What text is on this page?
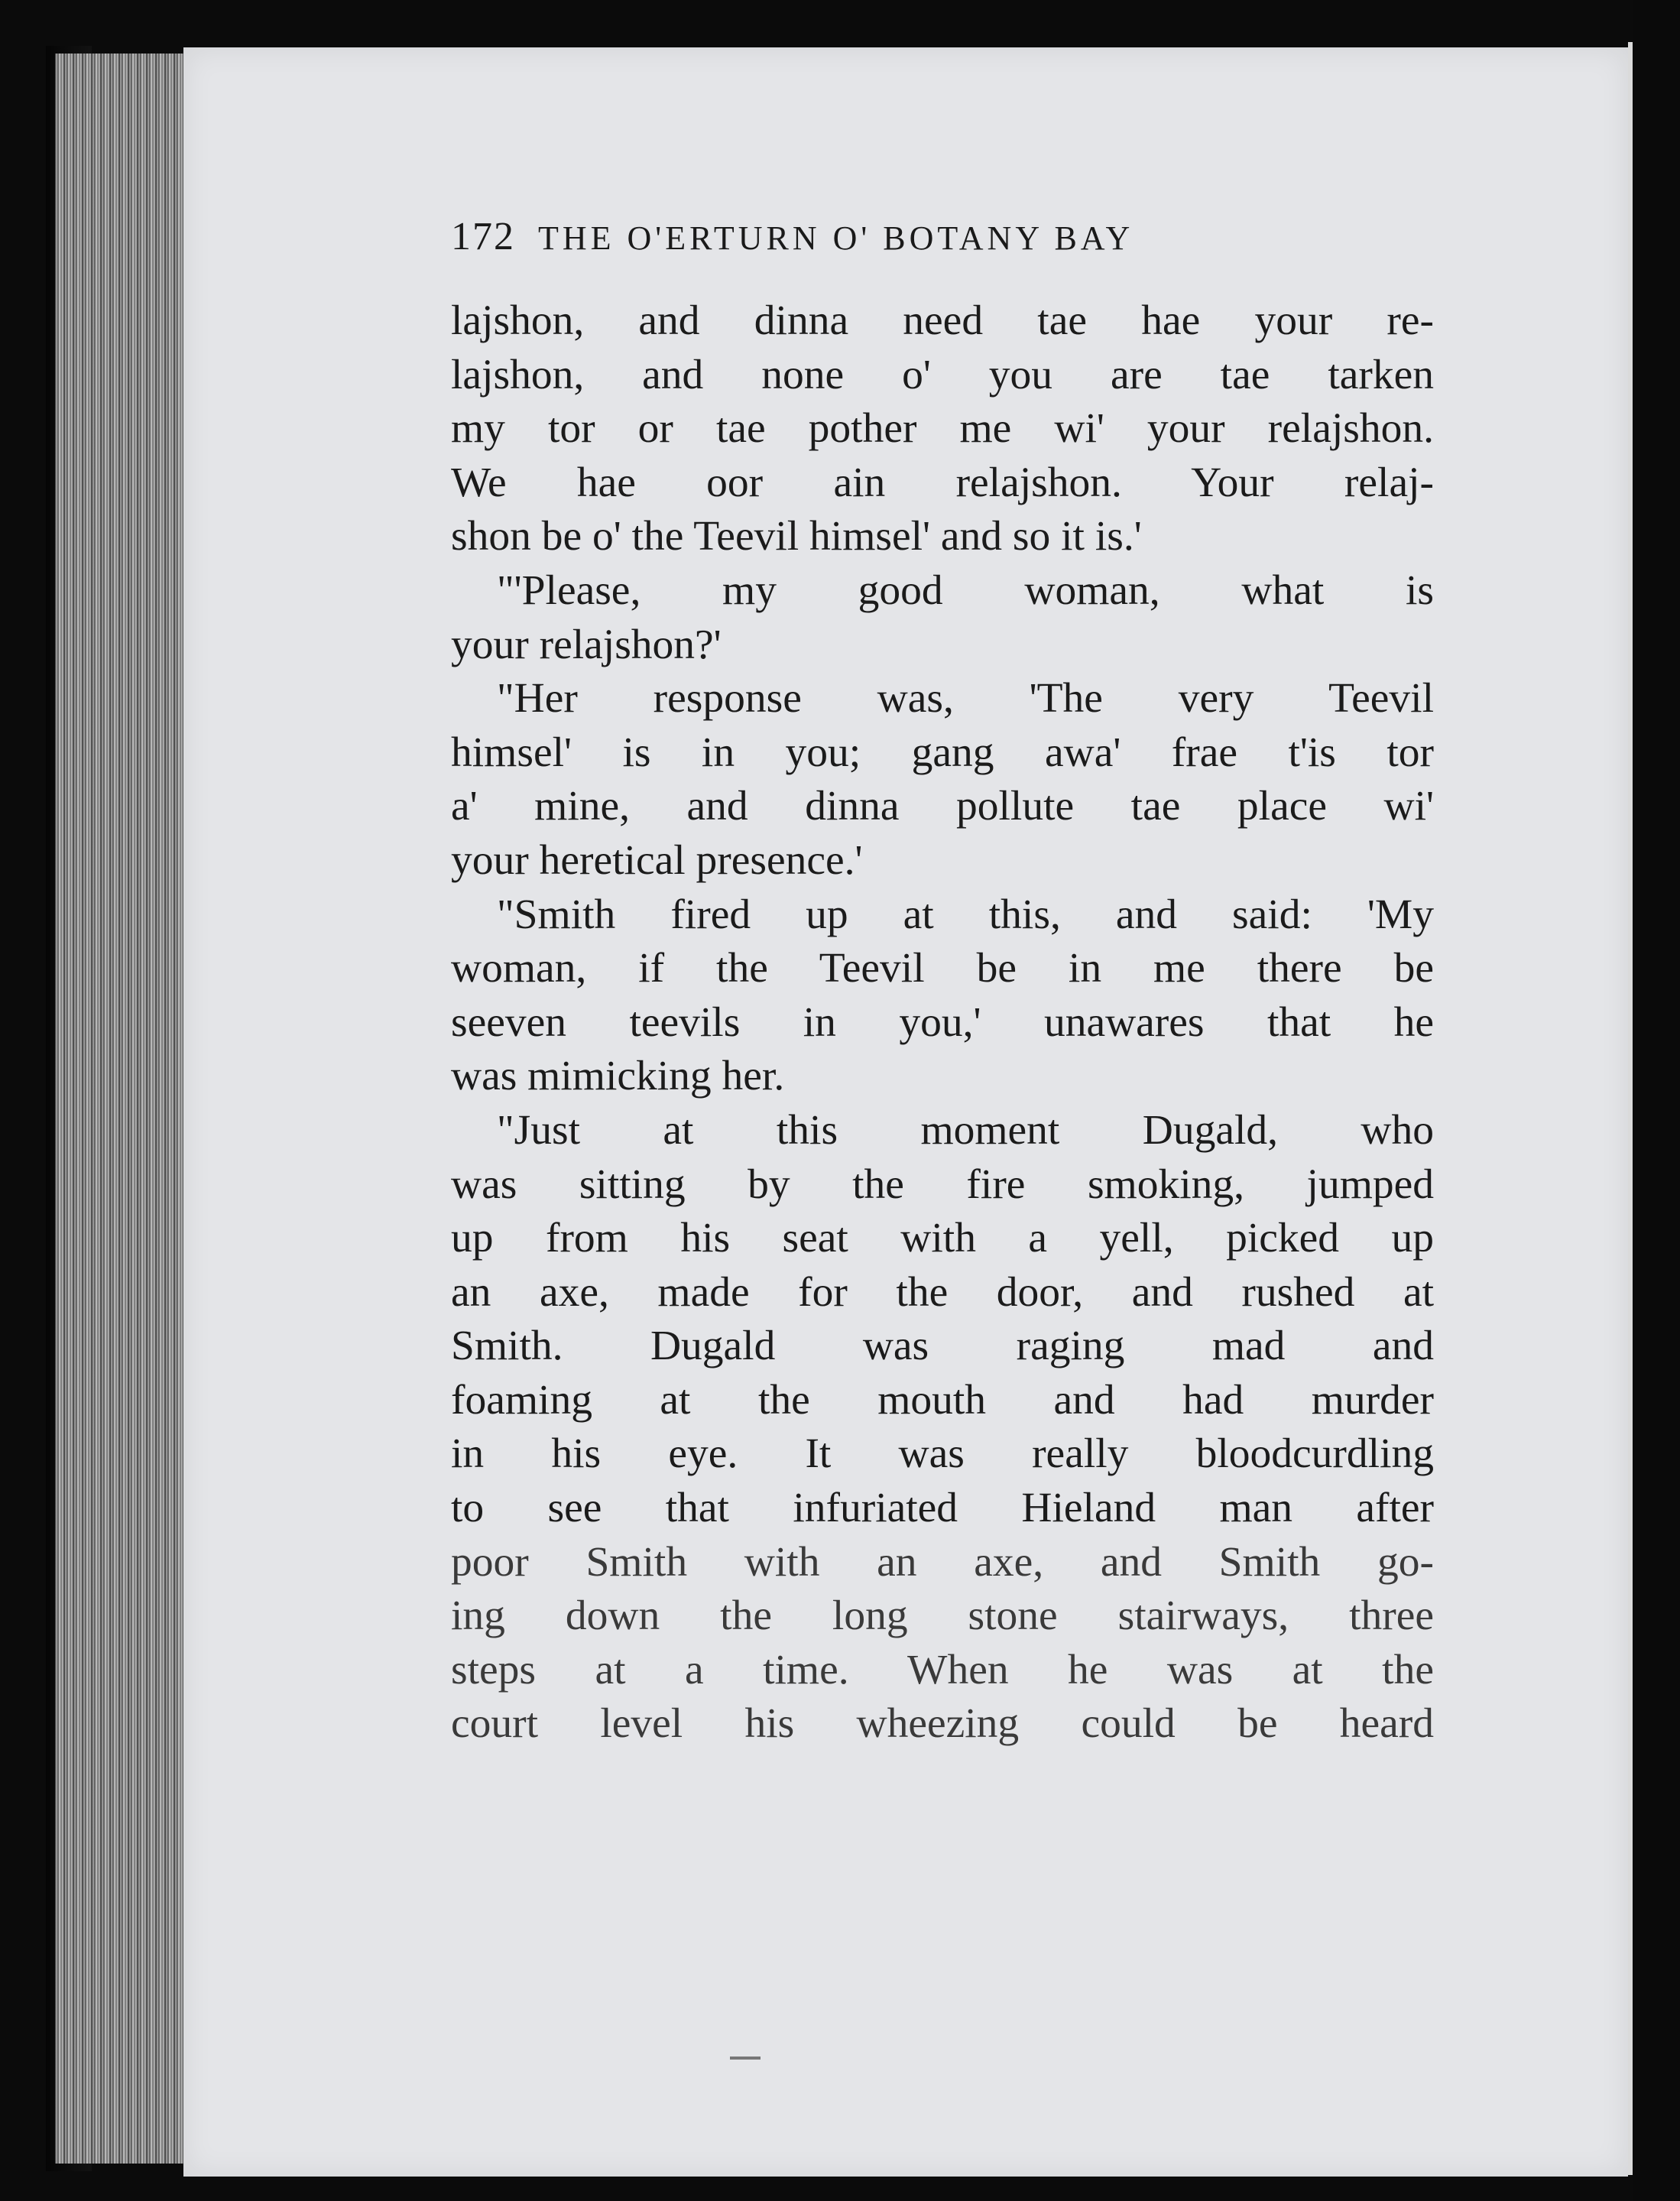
172 THE O'ERTURN O' BOTANY BAY
lajshon, and dinna need tae hae your re-
lajshon, and none o' you are tae tarken
my tor or tae pother me wi' your relajshon.
We hae oor ain relajshon. Your relaj-
shon be o' the Teevil himsel' and so it is.'
"'Please, my good woman, what is
your relajshon?'
"Her response was, 'The very Teevil
himsel' is in you; gang awa' frae t'is tor
a' mine, and dinna pollute tae place wi'
your heretical presence.'
"Smith fired up at this, and said: 'My
woman, if the Teevil be in me there be
seeven teevils in you,' unawares that he
was mimicking her.
"Just at this moment Dugald, who
was sitting by the fire smoking, jumped
up from his seat with a yell, picked up
an axe, made for the door, and rushed at
Smith. Dugald was raging mad and
foaming at the mouth and had murder
in his eye. It was really bloodcurdling
to see that infuriated Hieland man after
poor Smith with an axe, and Smith go-
ing down the long stone stairways, three
steps at a time. When he was at the
court level his wheezing could be heard
